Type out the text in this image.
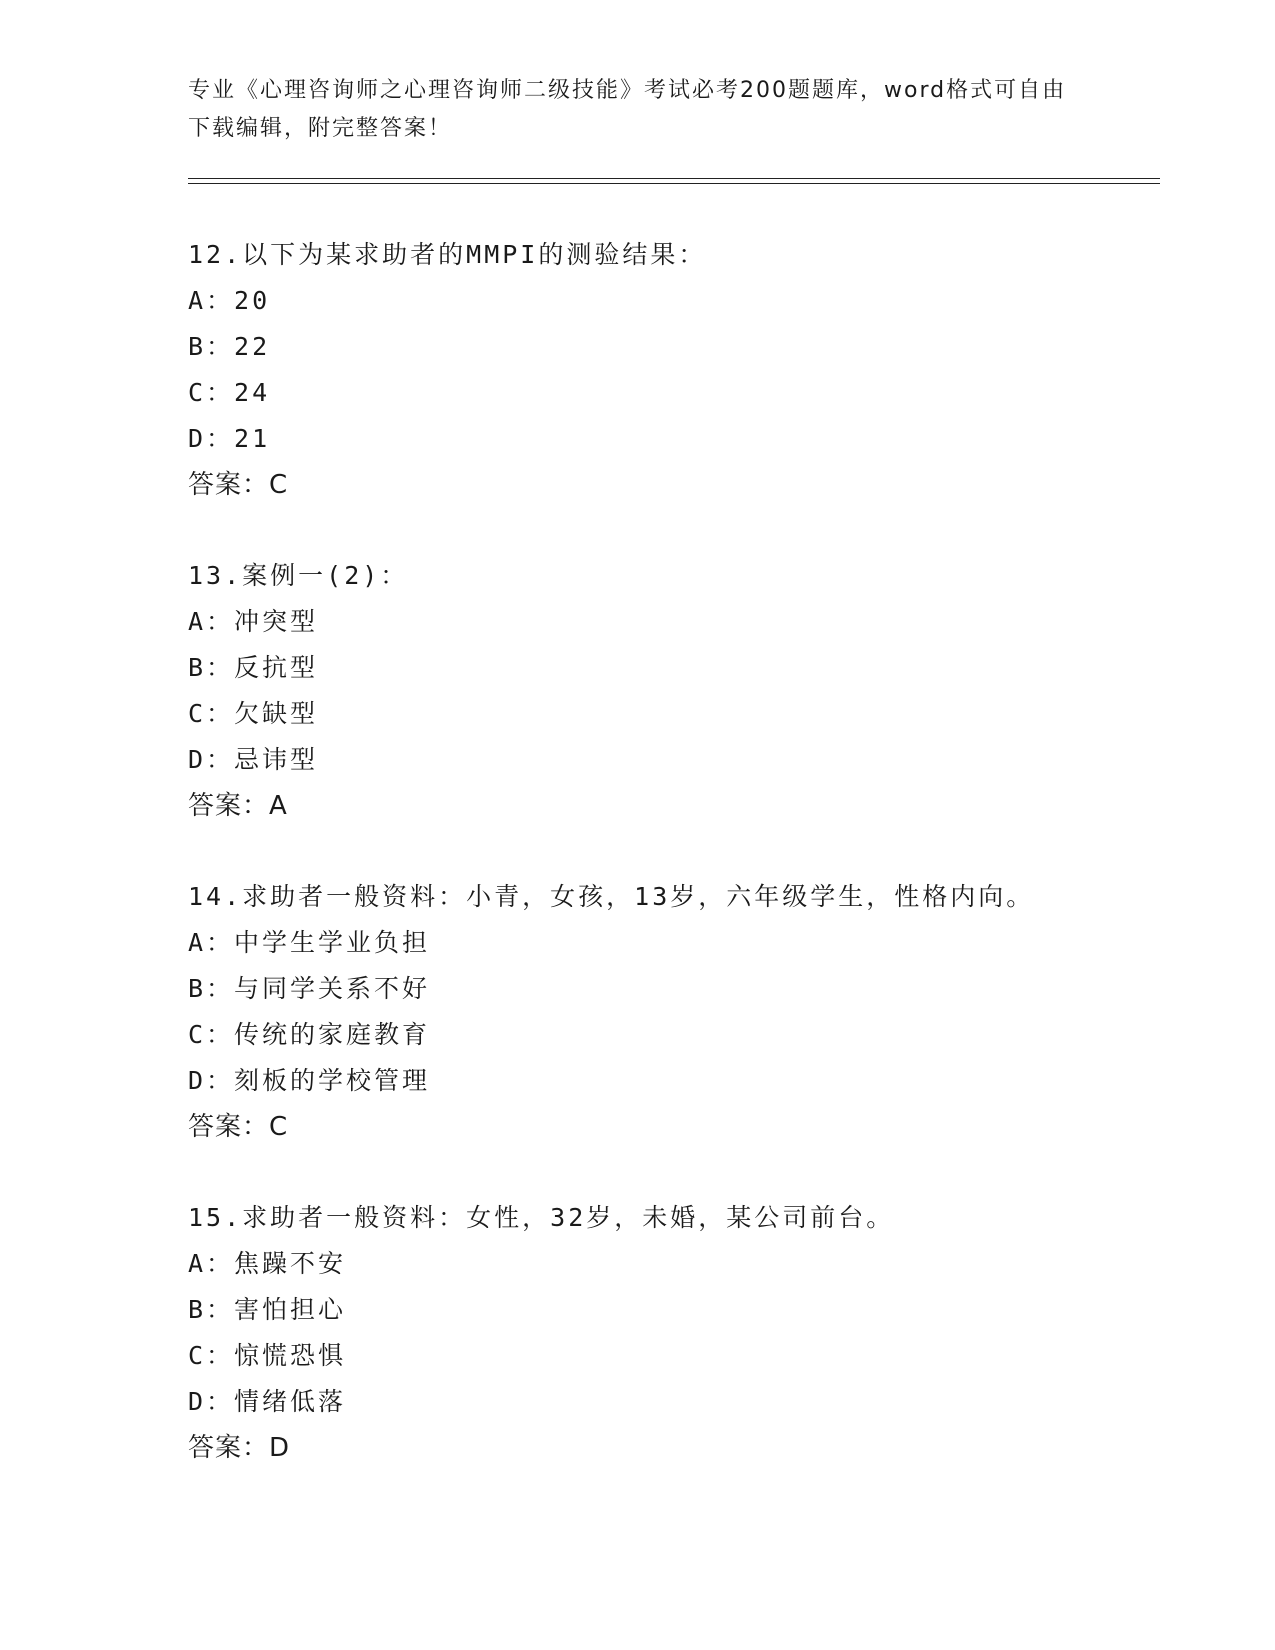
专业《心理咨询师之心理咨询师二级技能》考试必考200题题库，word格式可自由下载编辑，附完整答案！
12.以下为某求助者的MMPI的测验结果：
A：20
B：22
C：24
D：21
答案：C
13.案例一(2)：
A：冲突型
B：反抗型
C：欠缺型
D：忌讳型
答案：A
14.求助者一般资料：小青，女孩，13岁，六年级学生，性格内向。
A：中学生学业负担
B：与同学关系不好
C：传统的家庭教育
D：刻板的学校管理
答案：C
15.求助者一般资料：女性，32岁，未婚，某公司前台。
A：焦躁不安
B：害怕担心
C：惊慌恐惧
D：情绪低落
答案：D
